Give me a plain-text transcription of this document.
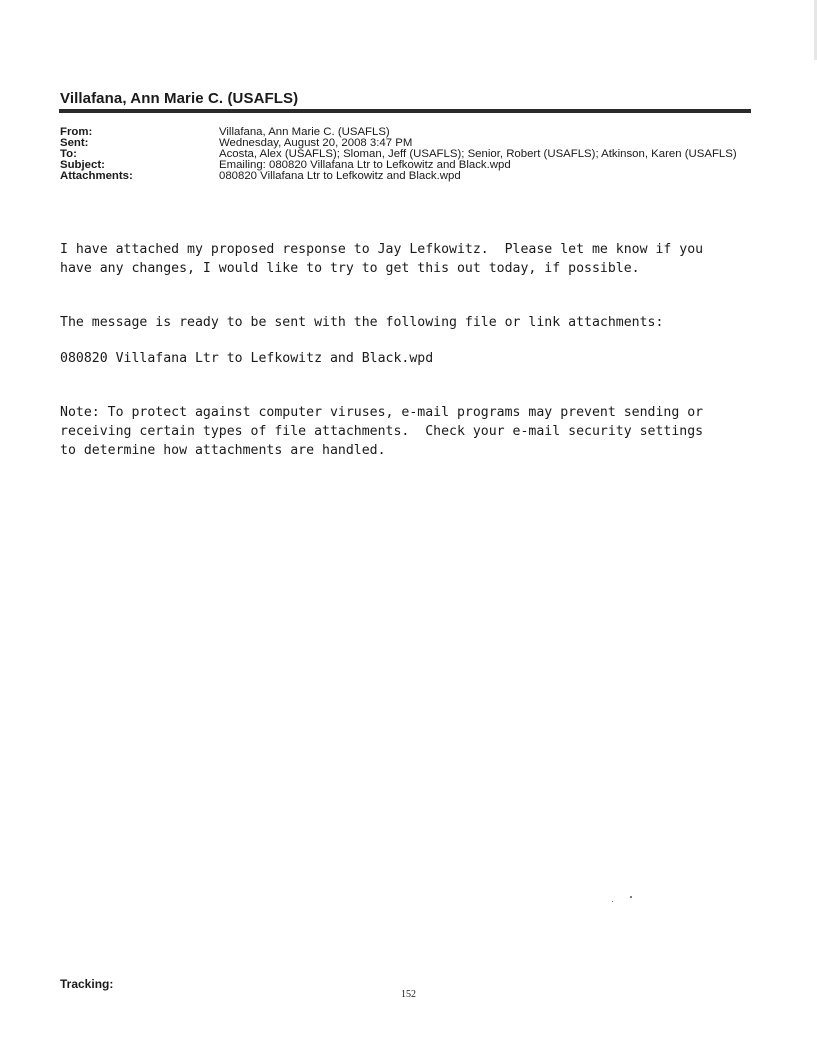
Villafana, Ann Marie C. (USAFLS)
From:	Villafana, Ann Marie C. (USAFLS)
Sent:	Wednesday, August 20, 2008 3:47 PM
To:	Acosta, Alex (USAFLS); Sloman, Jeff (USAFLS); Senior, Robert (USAFLS); Atkinson, Karen (USAFLS)
Subject:	Emailing: 080820 Villafana Ltr to Lefkowitz and Black.wpd
Attachments:	080820 Villafana Ltr to Lefkowitz and Black.wpd
I have attached my proposed response to Jay Lefkowitz.  Please let me know if you
have any changes, I would like to try to get this out today, if possible.
The message is ready to be sent with the following file or link attachments:
080820 Villafana Ltr to Lefkowitz and Black.wpd
Note: To protect against computer viruses, e-mail programs may prevent sending or
receiving certain types of file attachments.  Check your e-mail security settings
to determine how attachments are handled.
Tracking:
152
